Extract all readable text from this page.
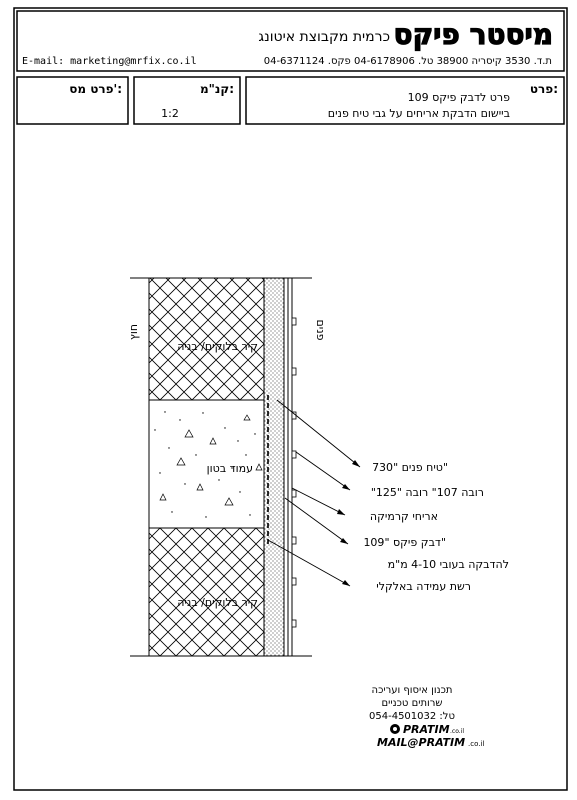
מיסטר פיקס
כרמית מקבוצת איטונג
ת.ד. 3530 קיסריה 38900 טל. 04-6178906 פקס. 04-6371124
E-mail: marketing@mrfix.co.il
פרט מס':	קנ"מ:
1:2
פרט:
פרט לדבק פיקס 109
ביישום הדבקת אריחים על גבי טיח פנים
חוץ	פנים
קיר בלוקים/ בניה
עמוד בטון
קיר בלוקים/ בניה
טיח פנים "730"
"רובה 107" רובה "125
אריחי קרמיקה
דבק פיקס "109"
להדבקה בעובי 4-10 מ"מ
רשת עמידה באלקלי
תכנון איסוף ועריכה
שרותים טכניים
טל: 054-4501032
PRATIM .co.il
MAIL@PRATIM .co.il
